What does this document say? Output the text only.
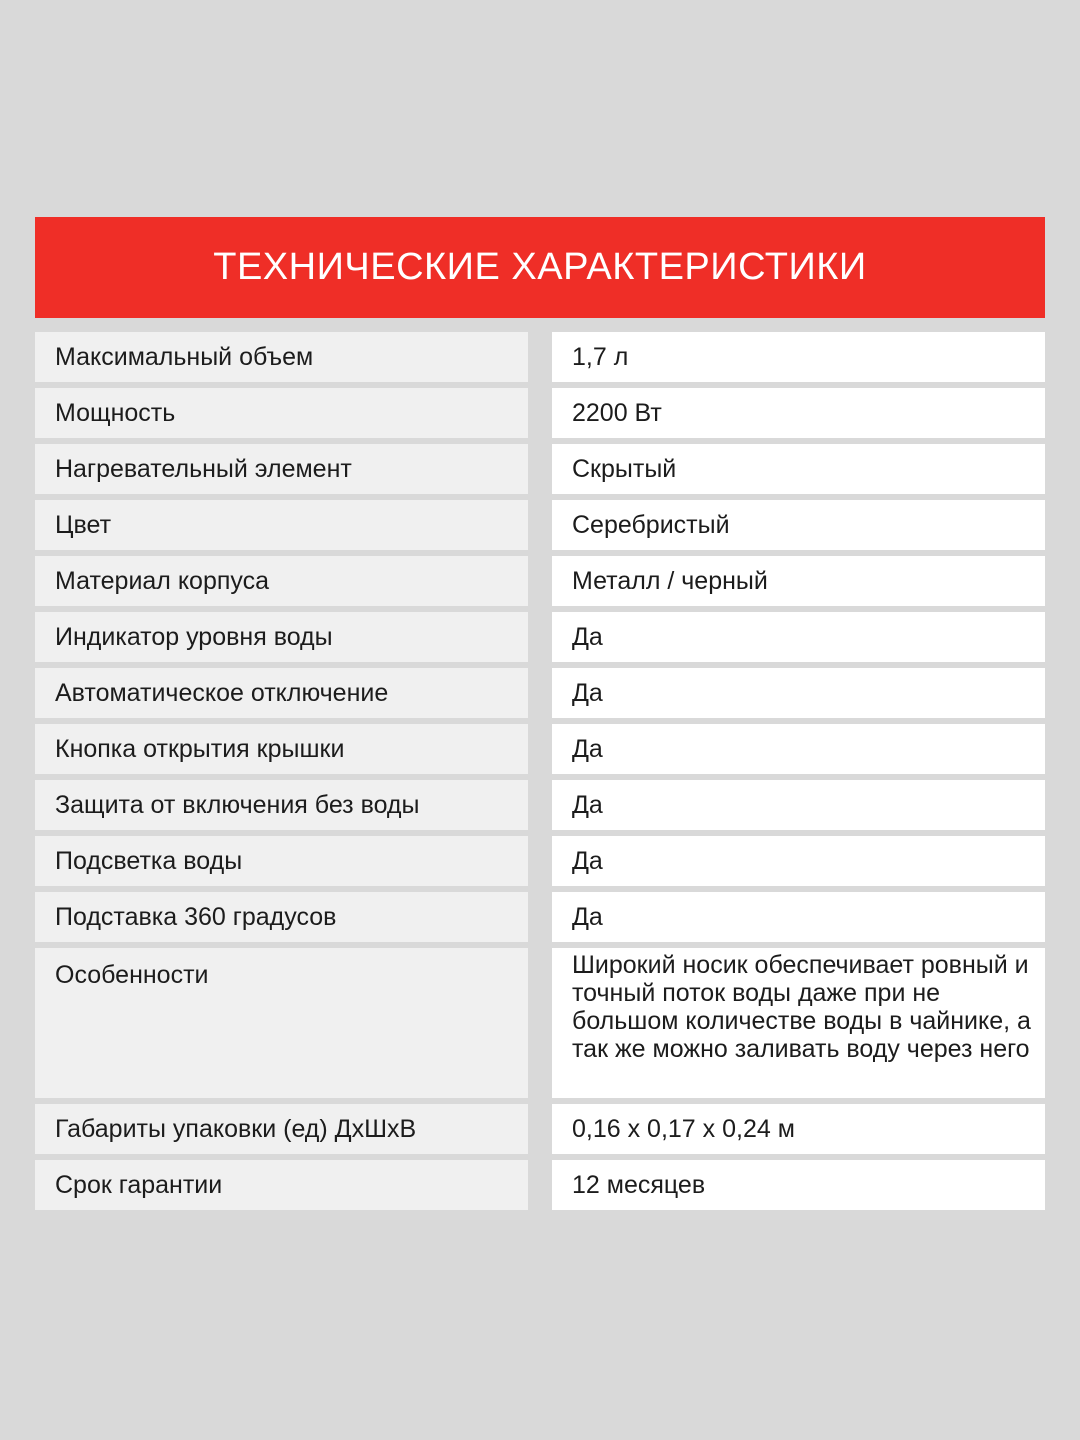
ТЕХНИЧЕСКИЕ ХАРАКТЕРИСТИКИ
Максимальный объем	1,7 л
Мощность	2200 Вт
Нагревательный элемент	Скрытый
Цвет	Серебристый
Материал корпуса	Металл / черный
Индикатор уровня воды	Да
Автоматическое отключение	Да
Кнопка открытия крышки	Да
Защита от включения без воды	Да
Подсветка воды	Да
Подставка 360 градусов	Да
Особенности	Широкий носик обеспечивает ровный и точный поток воды даже при не большом количестве воды в чайнике, а так же можно заливать воду через него
Габариты упаковки (ед) ДхШхВ	0,16 х 0,17 х 0,24 м
Срок гарантии	12 месяцев
